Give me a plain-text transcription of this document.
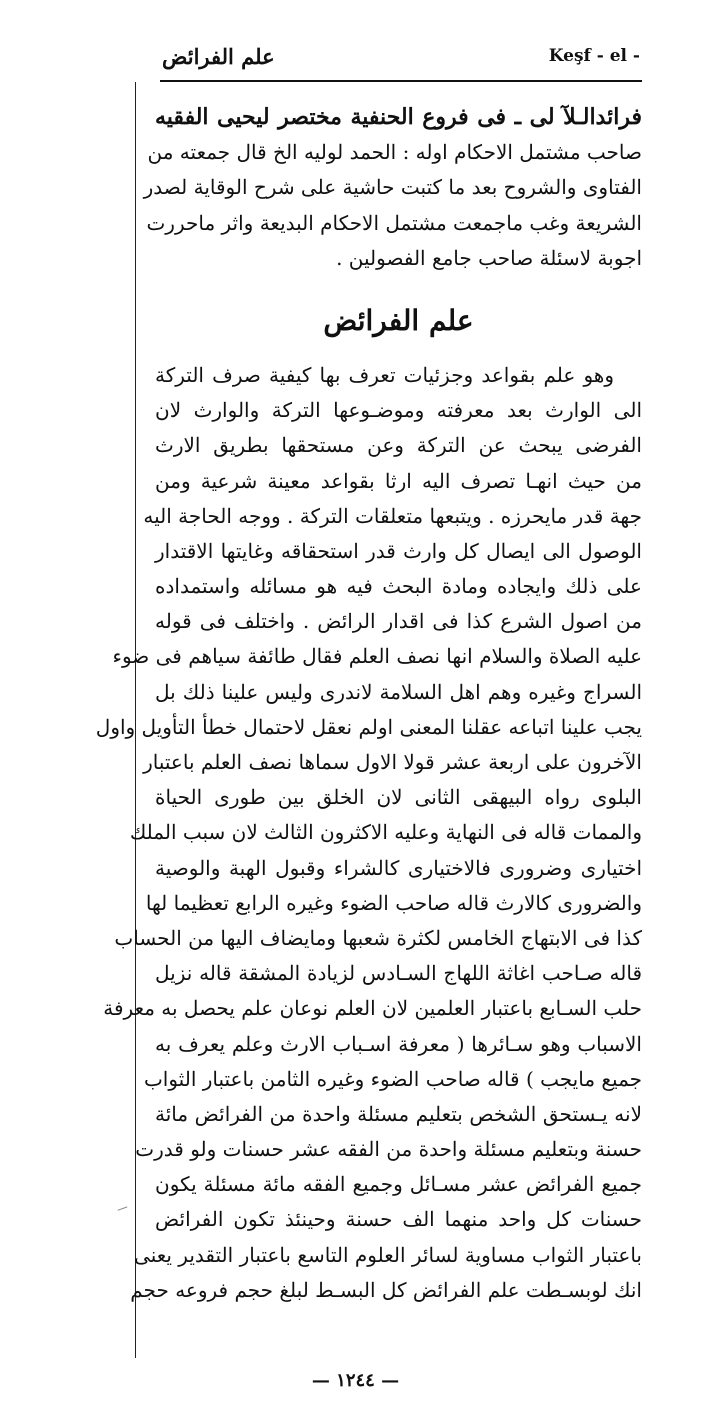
علم الفرائض	Keşf - el -
فرائدالـلآ لى ـ فى فروع الحنفية مختصر ليحيى الفقيه
صاحب مشتمل الاحكام اوله : الحمد لوليه الخ قال جمعته من
الفتاوى والشروح بعد ما كتبت حاشية على شرح الوقاية لصدر
الشريعة وغب ماجمعت مشتمل الاحكام البديعة واثر ماحررت
اجوبة لاسئلة صاحب جامع الفصولين .
علم الفرائض
وهو علم بقواعد وجزئيات تعرف بها كيفية صرف التركة
الى الوارث بعد معرفته وموضـوعها التركة والوارث لان
الفرضى يبحث عن التركة وعن مستحقها بطريق الارث
من حيث انهـا تصرف اليه ارثا بقواعد معينة شرعية ومن
جهة قدر مايحرزه . ويتبعها متعلقات التركة . ووجه الحاجة اليه
الوصول الى ايصال كل وارث قدر استحقاقه وغايتها الاقتدار
على ذلك وايجاده ومادة البحث فيه هو مسائله واستمداده
من اصول الشرع كذا فى اقدار الرائض . واختلف فى قوله
عليه الصلاة والسلام انها نصف العلم فقال طائفة سياهم فى ضوء
السراج وغيره وهم اهل السلامة لاندرى وليس علينا ذلك بل
يجب علينا اتباعه عقلنا المعنى اولم نعقل لاحتمال خطأ التأويل واول
الآخرون على اربعة عشر قولا الاول سماها نصف العلم باعتبار
البلوى رواه البيهقى الثانى لان الخلق بين طورى الحياة
والممات قاله فى النهاية وعليه الاكثرون الثالث لان سبب الملك
اختيارى وضرورى فالاختيارى كالشراء وقبول الهبة والوصية
والضرورى كالارث قاله صاحب الضوء وغيره الرابع تعظيما لها
كذا فى الابتهاج الخامس لكثرة شعبها ومايضاف اليها من الحساب
قاله صـاحب اغاثة اللهاج السـادس لزيادة المشقة قاله نزيل
حلب السـابع باعتبار العلمين لان العلم نوعان علم يحصل به معرفة
الاسباب وهو سـائرها ( معرفة اسـباب الارث وعلم يعرف به
جميع مايجب ) قاله صاحب الضوء وغيره الثامن باعتبار الثواب
لانه يـستحق الشخص بتعليم مسئلة واحدة من الفرائض مائة
حسنة وبتعليم مسئلة واحدة من الفقه عشر حسنات ولو قدرت
جميع الفرائض عشر مسـائل وجميع الفقه مائة مسئلة يكون
حسنات كل واحد منهما الف حسنة وحينئذ تكون الفرائض
باعتبار الثواب مساوية لسائر العلوم التاسع باعتبار التقدير يعنى
انك لوبسـطت علم الفرائض كل البسـط لبلغ حجم فروعه حجم
— ١٢٤٤ —
